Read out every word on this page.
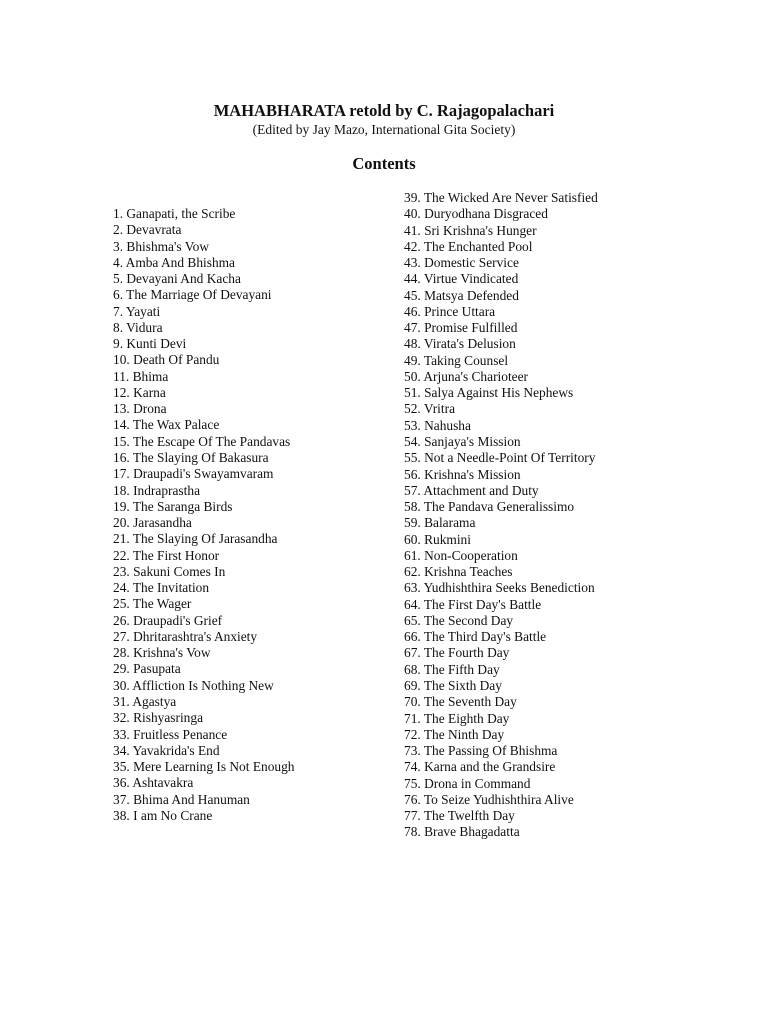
MAHABHARATA retold by C. Rajagopalachari
(Edited by Jay Mazo, International Gita Society)
Contents
1. Ganapati, the Scribe
2. Devavrata
3. Bhishma's Vow
4. Amba And Bhishma
5. Devayani And Kacha
6. The Marriage Of Devayani
7. Yayati
8. Vidura
9. Kunti Devi
10. Death Of Pandu
11. Bhima
12. Karna
13. Drona
14. The Wax Palace
15. The Escape Of The Pandavas
16. The Slaying Of Bakasura
17. Draupadi's Swayamvaram
18. Indraprastha
19. The Saranga Birds
20. Jarasandha
21. The Slaying Of Jarasandha
22. The First Honor
23. Sakuni Comes In
24. The Invitation
25. The Wager
26. Draupadi's Grief
27. Dhritarashtra's Anxiety
28. Krishna's Vow
29. Pasupata
30. Affliction Is Nothing New
31. Agastya
32. Rishyasringa
33. Fruitless Penance
34. Yavakrida's End
35. Mere Learning Is Not Enough
36. Ashtavakra
37. Bhima And Hanuman
38. I am No Crane
39. The Wicked Are Never Satisfied
40. Duryodhana Disgraced
41. Sri Krishna's Hunger
42. The Enchanted Pool
43. Domestic Service
44. Virtue Vindicated
45. Matsya Defended
46. Prince Uttara
47. Promise Fulfilled
48. Virata's Delusion
49. Taking Counsel
50. Arjuna's Charioteer
51. Salya Against His Nephews
52. Vritra
53. Nahusha
54. Sanjaya's Mission
55. Not a Needle-Point Of Territory
56. Krishna's Mission
57. Attachment and Duty
58. The Pandava Generalissimo
59. Balarama
60. Rukmini
61. Non-Cooperation
62. Krishna Teaches
63. Yudhishthira Seeks Benediction
64. The First Day's Battle
65. The Second Day
66. The Third Day's Battle
67. The Fourth Day
68. The Fifth Day
69. The Sixth Day
70. The Seventh Day
71. The Eighth Day
72. The Ninth Day
73. The Passing Of Bhishma
74. Karna and the Grandsire
75. Drona in Command
76. To Seize Yudhishthira Alive
77. The Twelfth Day
78. Brave Bhagadatta
